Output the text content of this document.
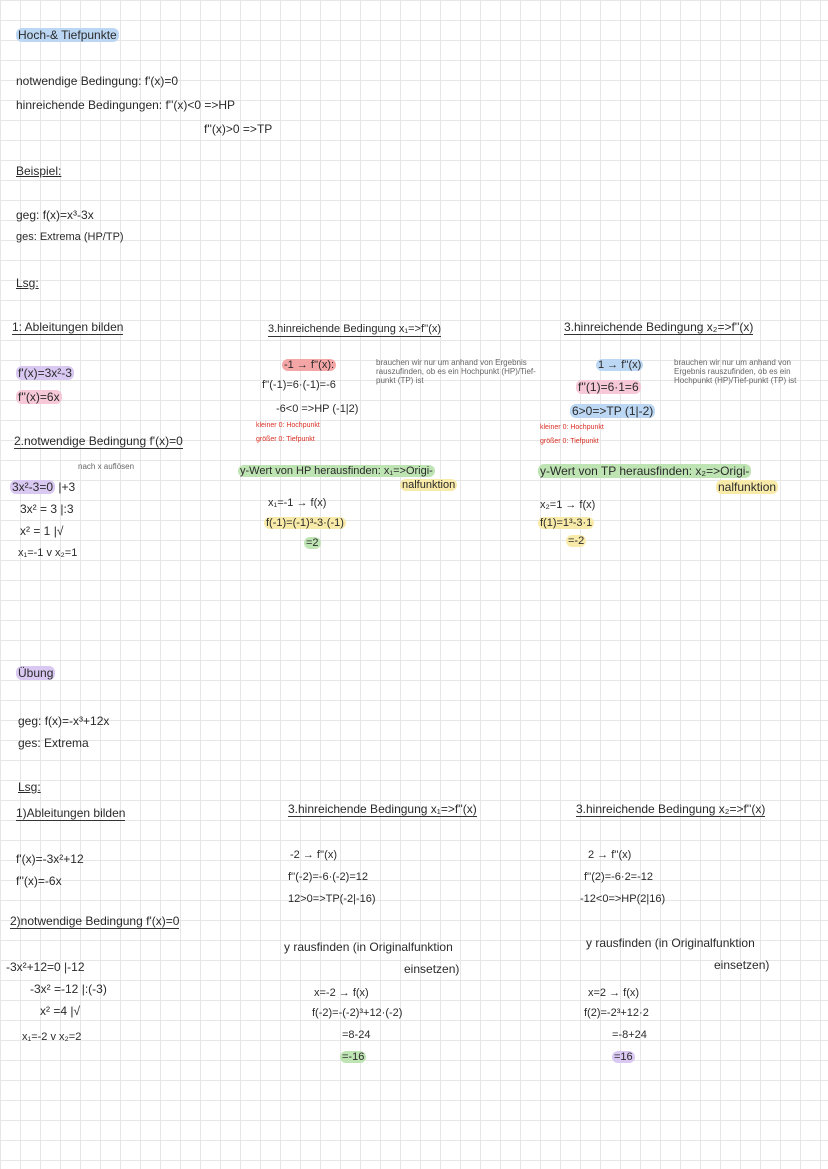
Hoch-& Tiefpunkte
notwendige Bedingung: f'(x)=0
hinreichende Bedingungen: f''(x)<0 =>HP
f''(x)>0 =>TP
Beispiel:
geg: f(x)=x³-3x
ges: Extrema (HP/TP)
Lsg:
1: Ableitungen bilden
f'(x)=3x²-3
f''(x)=6x
2.notwendige Bedingung f'(x)=0
nach x auflösen
3x²-3=0 |+3
3x² = 3 |:3
x² = 1 |√
x₁=-1 v x₂=1
3.hinreichende Bedingung x₁=>f''(x)
-1 → f''(x):
f''(-1)=6·(-1)=-6
brauchen wir nur um anhand von Ergebnis rauszufinden, ob es ein Hochpunkt (HP)/Tief-punkt (TP) ist
-6<0 =>HP (-1|2)
kleiner 0: Hochpunkt
größer 0: Tiefpunkt
y-Wert von HP herausfinden: x₁=>Origi-
nalfunktion
x₁=-1 → f(x)
f(-1)=(-1)³-3·(-1)
=2
3.hinreichende Bedingung x₂=>f''(x)
1 → f''(x)
f''(1)=6·1=6
brauchen wir nur um anhand von Ergebnis rauszufinden, ob es ein Hochpunkt (HP)/Tief-punkt (TP) ist
6>0=>TP (1|-2)
kleiner 0: Hochpunkt
größer 0: Tiefpunkt
y-Wert von TP herausfinden: x₂=>Origi-
nalfunktion
x₂=1 → f(x)
f(1)=1³-3·1
=-2
Übung
geg: f(x)=-x³+12x
ges: Extrema
Lsg:
1)Ableitungen bilden
f'(x)=-3x²+12
f''(x)=-6x
2)notwendige Bedingung f'(x)=0
-3x²+12=0 |-12
-3x² =-12 |:(-3)
x² =4 |√
x₁=-2 v x₂=2
3.hinreichende Bedingung x₁=>f''(x)
-2 → f''(x)
f''(-2)=-6·(-2)=12
12>0=>TP(-2|-16)
y rausfinden (in Originalfunktion
einsetzen)
x=-2 → f(x)
f(-2)=-(-2)³+12·(-2)
=8-24
=-16
3.hinreichende Bedingung x₂=>f''(x)
2 → f''(x)
f''(2)=-6·2=-12
-12<0=>HP(2|16)
y rausfinden (in Originalfunktion
einsetzen)
x=2 → f(x)
f(2)=-2³+12·2
=-8+24
=16
